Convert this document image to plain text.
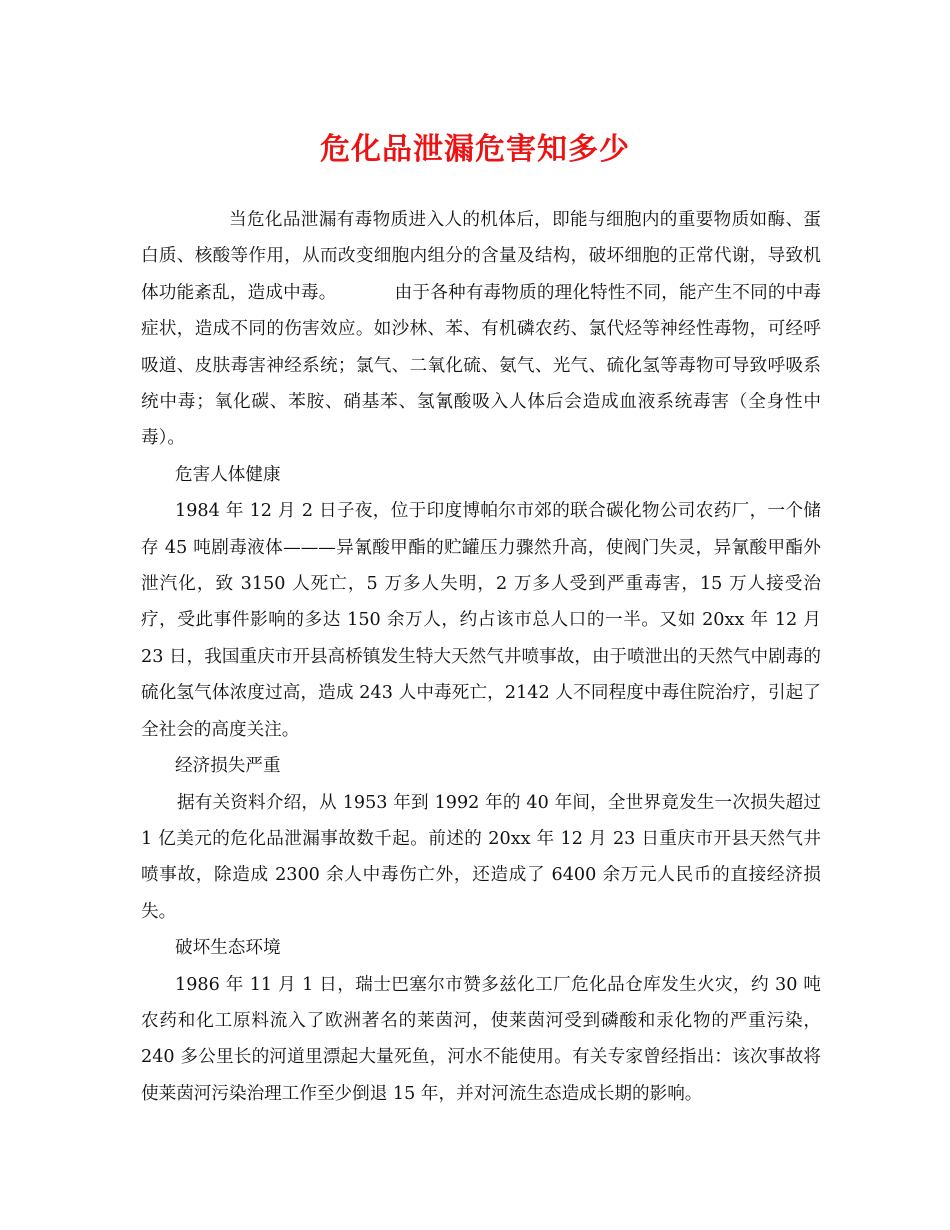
危化品泄漏危害知多少

当危化品泄漏有毒物质进入人的机体后，即能与细胞内的重要物质如酶、蛋白质、核酸等作用，从而改变细胞内组分的含量及结构，破坏细胞的正常代谢，导致机体功能紊乱，造成中毒。	由于各种有毒物质的理化特性不同，能产生不同的中毒症状，造成不同的伤害效应。如沙林、苯、有机磷农药、氯代烃等神经性毒物，可经呼吸道、皮肤毒害神经系统；氯气、二氧化硫、氨气、光气、硫化氢等毒物可导致呼吸系统中毒；氧化碳、苯胺、硝基苯、氢氰酸吸入人体后会造成血液系统毒害（全身性中毒）。

危害人体健康

1984 年 12 月 2 日子夜，位于印度博帕尔市郊的联合碳化物公司农药厂，一个储存 45 吨剧毒液体———异氰酸甲酯的贮罐压力骤然升高，使阀门失灵，异氰酸甲酯外泄汽化，致 3150 人死亡，5 万多人失明，2 万多人受到严重毒害，15 万人接受治疗，受此事件影响的多达 150 余万人，约占该市总人口的一半。又如 20xx 年 12 月 23 日，我国重庆市开县高桥镇发生特大天然气井喷事故，由于喷泄出的天然气中剧毒的硫化氢气体浓度过高，造成 243 人中毒死亡，2142 人不同程度中毒住院治疗，引起了全社会的高度关注。

经济损失严重

据有关资料介绍，从 1953 年到 1992 年的 40 年间，全世界竟发生一次损失超过 1 亿美元的危化品泄漏事故数千起。前述的 20xx 年 12 月 23 日重庆市开县天然气井喷事故，除造成 2300 余人中毒伤亡外，还造成了 6400 余万元人民币的直接经济损失。

破坏生态环境

1986 年 11 月 1 日，瑞士巴塞尔市赞多兹化工厂危化品仓库发生火灾，约 30 吨农药和化工原料流入了欧洲著名的莱茵河，使莱茵河受到磷酸和汞化物的严重污染，240 多公里长的河道里漂起大量死鱼，河水不能使用。有关专家曾经指出：该次事故将使莱茵河污染治理工作至少倒退 15 年，并对河流生态造成长期的影响。
